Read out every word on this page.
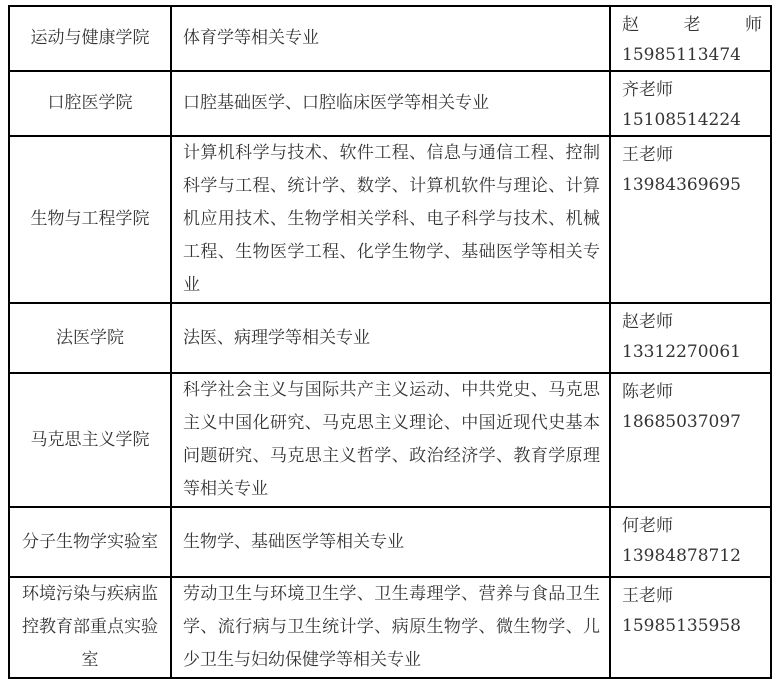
运动与健康学院	体育学等相关专业	赵 老 师
15985113474

口腔医学院	口腔基础医学、口腔临床医学等相关专业	齐老师
15108514224

生物与工程学院	计算机科学与技术、软件工程、信息与通信工程、控制科学与工程、统计学、数学、计算机软件与理论、计算机应用技术、生物学相关学科、电子科学与技术、机械工程、生物医学工程、化学生物学、基础医学等相关专业	王老师
13984369695

法医学院	法医、病理学等相关专业	赵老师
13312270061

马克思主义学院	科学社会主义与国际共产主义运动、中共党史、马克思主义中国化研究、马克思主义理论、中国近现代史基本问题研究、马克思主义哲学、政治经济学、教育学原理等相关专业	陈老师
18685037097

分子生物学实验室	生物学、基础医学等相关专业	何老师
13984878712

环境污染与疾病监控教育部重点实验室	劳动卫生与环境卫生学、卫生毒理学、营养与食品卫生学、流行病与卫生统计学、病原生物学、微生物学、儿少卫生与妇幼保健学等相关专业	王老师
15985135958
